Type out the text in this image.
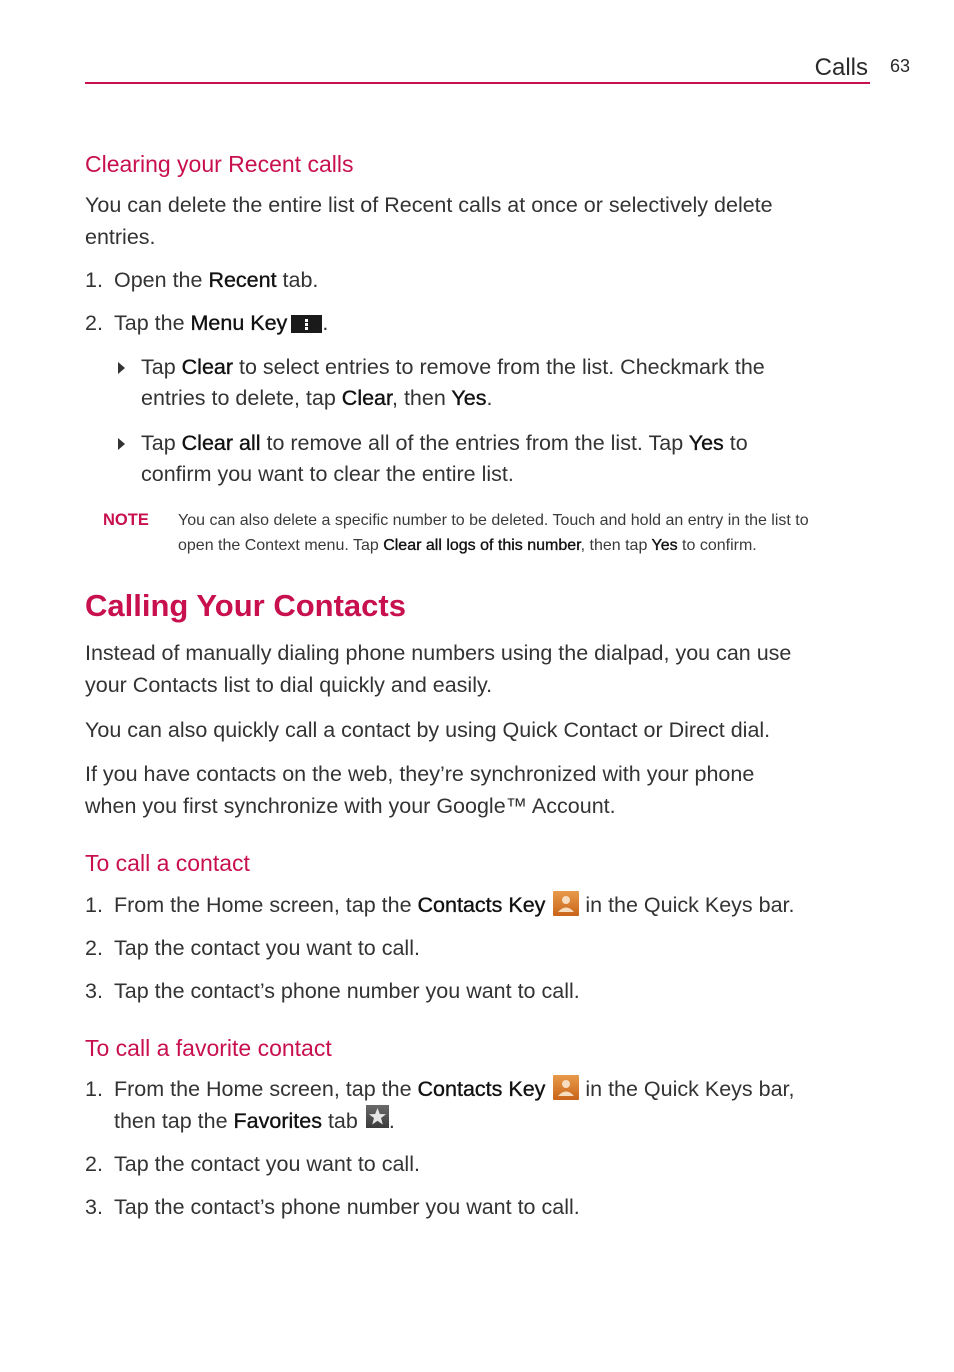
Calls 63
Clearing your Recent calls

You can delete the entire list of Recent calls at once or selectively delete
entries.

1. Open the Recent tab.
2. Tap the Menu Key .
Tap Clear to select entries to remove from the list. Checkmark the
entries to delete, tap Clear, then Yes.
Tap Clear all to remove all of the entries from the list. Tap Yes to
confirm you want to clear the entire list.
NOTE You can also delete a specific number to be deleted. Touch and hold an entry in the list to
open the Context menu. Tap Clear all logs of this number, then tap Yes to confirm.
Calling Your Contacts

Instead of manually dialing phone numbers using the dialpad, you can use
your Contacts list to dial quickly and easily.

You can also quickly call a contact by using Quick Contact or Direct dial.

If you have contacts on the web, they’re synchronized with your phone
when you first synchronize with your Google™ Account.

To call a contact
1. From the Home screen, tap the Contacts Key
in the Quick Keys bar.
2. Tap the contact you want to call.
3. Tap the contact’s phone number you want to call.
To call a favorite contact
1. From the Home screen, tap the Contacts Key
in the Quick Keys bar,
then tap the Favorites tab .
2. Tap the contact you want to call.
3. Tap the contact’s phone number you want to call.
